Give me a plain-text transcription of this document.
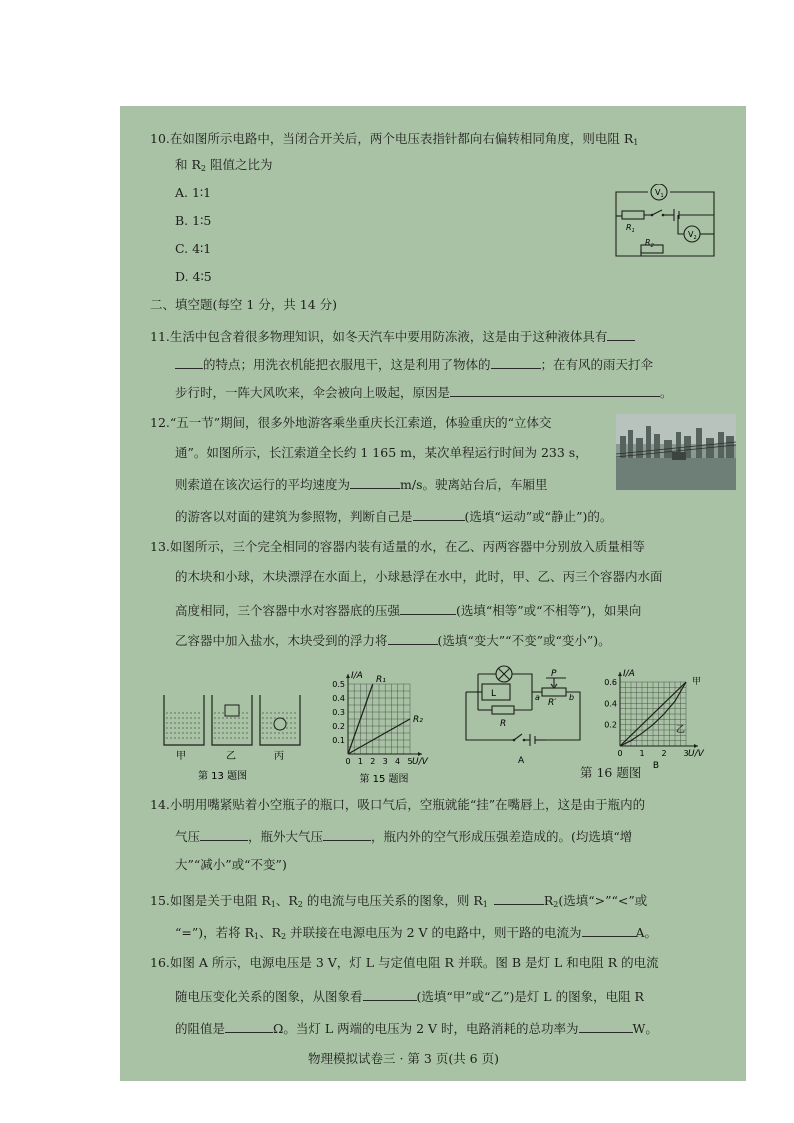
10.在如图所示电路中，当闭合开关后，两个电压表指针都向右偏转相同角度，则电阻 $R_1$
和 $R_2$ 阻值之比为
A. 1∶1
B. 1∶5
C. 4∶1
D. 4∶5
$V_1$
$V_2$
$R_1$
$R_2$
二、填空题(每空 1 分，共 14 分)
11.生活中包含着很多物理知识，如冬天汽车中要用防冻液，这是由于这种液体具有
的特点；用洗衣机能把衣服甩干，这是利用了物体的	；在有风的雨天打伞
步行时，一阵大风吹来，伞会被向上吸起，原因是	。
12.“五一节”期间，很多外地游客乘坐重庆长江索道，体验重庆的“立体交
通”。如图所示，长江索道全长约 1 165 m，某次单程运行时间为 233 s，
则索道在该次运行的平均速度为	m/s。驶离站台后，车厢里
的游客以对面的建筑为参照物，判断自己是	(选填“运动”或“静止”)的。
13.如图所示，三个完全相同的容器内装有适量的水，在乙、丙两容器中分别放入质量相等
的木块和小球，木块漂浮在水面上，小球悬浮在水中，此时，甲、乙、丙三个容器内水面
高度相同，三个容器中水对容器底的压强	(选填“相等”或“不相等”)，如果向
乙容器中加入盐水，木块受到的浮力将	(选填“变大”“不变”或“变小”)。
甲	乙	丙
第 13 题图
0 1 2 3 4 5
0.1
0.2
0.3
0.4
0.5
I/A
U/V
R₁
R₂
第 15 题图
L
R
P
R′
a	b
A
0 1 2 3
0.2
0.4
0.6
I/A
U/V
甲
乙
B
第 16 题图
14.小明用嘴紧贴着小空瓶子的瓶口，吸口气后，空瓶就能“挂”在嘴唇上，这是由于瓶内的
气压	，瓶外大气压	，瓶内外的空气形成压强差造成的。(均选填“增
大”“减小”或“不变”)
15.如图是关于电阻 $R_1$、$R_2$ 的电流与电压关系的图象，则 $R_1$	$R_2$(选填“>”“<”或
“=”)，若将 $R_1$、$R_2$ 并联接在电源电压为 2 V 的电路中，则干路的电流为	A。
16.如图 A 所示，电源电压是 3 V，灯 L 与定值电阻 R 并联。图 B 是灯 L 和电阻 R 的电流
随电压变化关系的图象，从图象看	(选填“甲”或“乙”)是灯 L 的图象，电阻 R
的阻值是	Ω。当灯 L 两端的电压为 2 V 时，电路消耗的总功率为	W。
物理模拟试卷三 · 第 3 页(共 6 页)
